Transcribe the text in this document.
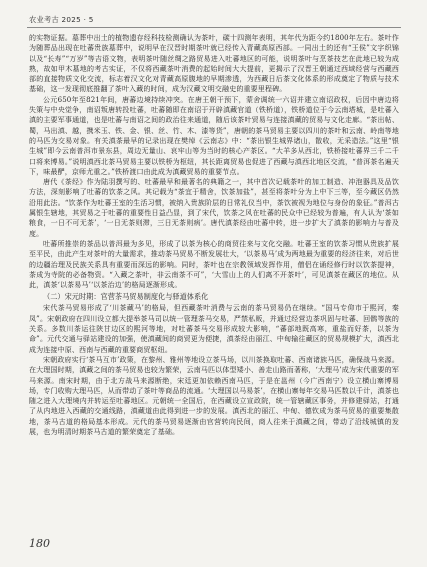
农业考古 2025 · 5

的实物证据。墓葬中出土的植物遗存经科技检测确认为茶叶，碳十四测年表明，其年代为距今约1800年左右。茶叶作为随葬品出现在吐蕃贵族墓葬中，说明早在汉晋时期茶叶就已经传入青藏高原西部。一同出土的还有“王侯”文字织锦以及“长寿”“万岁”等吉语文物，表明茶叶随丝绸之路贸易进入吐蕃地区的可能，说明茶叶与烹茶技艺在此地已较为成熟，故如甲木墓地的考古实证，不仅将西藏茶叶消费的起始时间大大提前，更揭示了汉晋王朝通过西域经营与西藏西部的直接物质文化交流，标志着汉文化对青藏高原腹地的早期渗透，为西藏日后茶文化体系的形成奠定了物质与技术基础，这一发现彻底推翻了茶叶入藏的时间，成为汉藏文明交融史的重要里程碑。

公元650年至821年间，唐蕃边境持续冲突。在唐王朝干预下，蒙舍调统一六诏并建立南诏政权，后因中唐边将失策与中央觉争，南诏叛唐转投吐蕃，吐蕃随即在南诏于开辟滇藏官道（铁桥道），铁桥道位于今云南塔城，是吐蕃入滇的主要军事通道，也是吐蕃与南诏之间的政治往来通道，随后该茶叶贸易与连接滇藏的贸易与文化走廊。“茶出帖、蜀，马出滇、越，携米玉、铁、金、银、丝、竹、木、漆等货”，唐朝的茶马贸易主要以四川的茶叶和云南、岭南等地的马匹为交易对象。有关滇茶最早的记录出现在樊绰《云南志》中：“茶出银生城界诸山，散收，无采造法。”这里“银生城”即今云南普洱市景东县，周边无量山、哀牢山等为当时的核心产茶区。“大羊多从西北，铁桥接吐蕃界三千二千口将来博易。”说明滇西北茶马贸易主要以铁桥为枢纽，其长距离贸易也促进了西藏与滇西北地区交流，“普洱茶名遍天下，味最酽，京师尤重之。”铁桥渡口由此成为滇藏贸易的重要节点。

唐代《茶经》作为陆羽撰写的、吐蕃最早和最著名的典籍之一，其中首次记载茶叶的加工制造、冲泡器具及品饮方法，深刻影响了吐蕃的饮茶之风。其记载为“茶宜于精舍，饮茶加盐”，甚至将茶叶分为上中下三等，至今藏区仍然沿用此法。“饮茶作为吐蕃王室的生活习惯，被纳入贵族阶层的日常礼仪当中，茶饮被视为地位与身份的象征。”普洱古属银生辖地，其贸易之于吐蕃的重要性日益凸显，到了宋代，饮茶之风在吐蕃的民众中已经较为普遍，有人认为‘茶如粮食，一日不可无茶’，‘一日无茶则滞，三日无茶则病’。唐代滇茶经由吐蕃中转，进一步扩大了滇茶的影响力与普及度。

吐蕃所推崇的茶品以普洱最为多见，形成了以茶为核心的商贸往来与文化交融。吐蕃王室的饮茶习惯从贵族扩展至平民，由此产生对茶叶的大量需求，推动茶马贸易不断发展壮大，‘以茶易马’成为两地最为重要的经济往来，对后世的边疆治理及民族关系具有重要而深远的影响。同时，茶叶也在宗教领域发挥作用，僧侣在诵经修行时以饮茶提神，茶成为寺院的必备物资。“入藏之茶叶，非云南茶不可”，‘大雪山上的人们离不开茶叶’，可见滇茶在藏区的地位。从此，滇茶‘以茶易马’‘以茶治边’的格局逐渐形成。

（二）宋元时期：官营茶马贸易制度化与驿道体系化

宋代茶马贸易形成了‘川茶藏马’的格局，但西藏茶叶消费与云南的茶马贸易仍在继续。“国马专仰市于熙河，秦凤”。宋朝政府在四川设立都大提举茶马司以统一管理茶马交易，严禁私贩，并通过经营边茶巩固与吐蕃、回鹘等族的关系。多数川茶运往陕甘边区的熙河等地，对吐蕃茶马交易形成较大影响，“蕃部地既高寒，重盐而好茶，以茶为命”。元代交通与驿站建设的加强，使滇藏间的商贸更为便捷，滇茶经由丽江、中甸输往藏区的贸易规模扩大，滇西北成为连接中原、西南与西藏的重要商贸枢纽。

宋朝政府实行‘茶马互市’政策，在黎州、雅州等地设立茶马场，以川茶换取吐蕃、西南诸族马匹，确保战马来源。在大理国时期，滇藏之间的茶马贸易也较为繁荣，云南马匹以体型矮小、善走山路而著称，‘大理马’成为宋代重要的军马来源。南宋时期，由于北方战马来源断绝，宋廷更加依赖西南马匹，于是在邕州（今广西南宁）设立横山寨博易场，专门收购大理马匹，从而带动了茶叶等商品的流通。‘大理国以马易茶’，在横山寨每年交易马匹数以千计，滇茶也随之进入大理境内并转运至吐蕃地区。元朝统一全国后，在西藏设立宣政院，统一管辖藏区事务，并修建驿站，打通了从内地进入西藏的交通线路，滇藏道由此得到进一步的发展。滇西北的丽江、中甸、德钦成为茶马贸易的重要集散地，茶马古道的格局基本形成。元代的茶马贸易逐渐由官营转向民间，商人往来于滇藏之间，带动了沿线城镇的发展，也为明清时期茶马古道的繁荣奠定了基础。

180
